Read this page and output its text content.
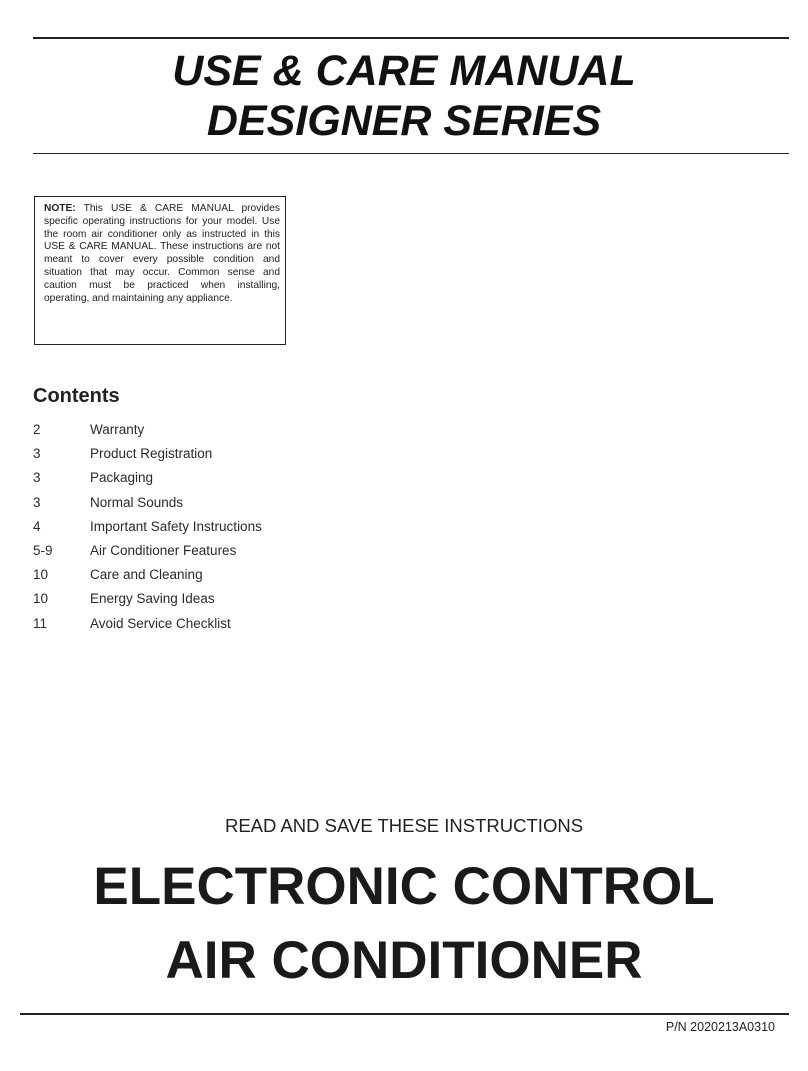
USE & CARE MANUAL
DESIGNER SERIES
NOTE: This USE & CARE MANUAL provides specific operating instructions for your model. Use the room air conditioner only as instructed in this USE & CARE MANUAL. These instructions are not meant to cover every possible condition and situation that may occur. Common sense and caution must be practiced when installing, operating, and maintaining any appliance.
Contents
2	Warranty
3	Product Registration
3	Packaging
3	Normal Sounds
4	Important Safety Instructions
5-9	Air Conditioner Features
10	Care and Cleaning
10	Energy Saving Ideas
11	Avoid Service Checklist
READ AND SAVE THESE INSTRUCTIONS
ELECTRONIC CONTROL
AIR CONDITIONER
P/N 2020213A0310
